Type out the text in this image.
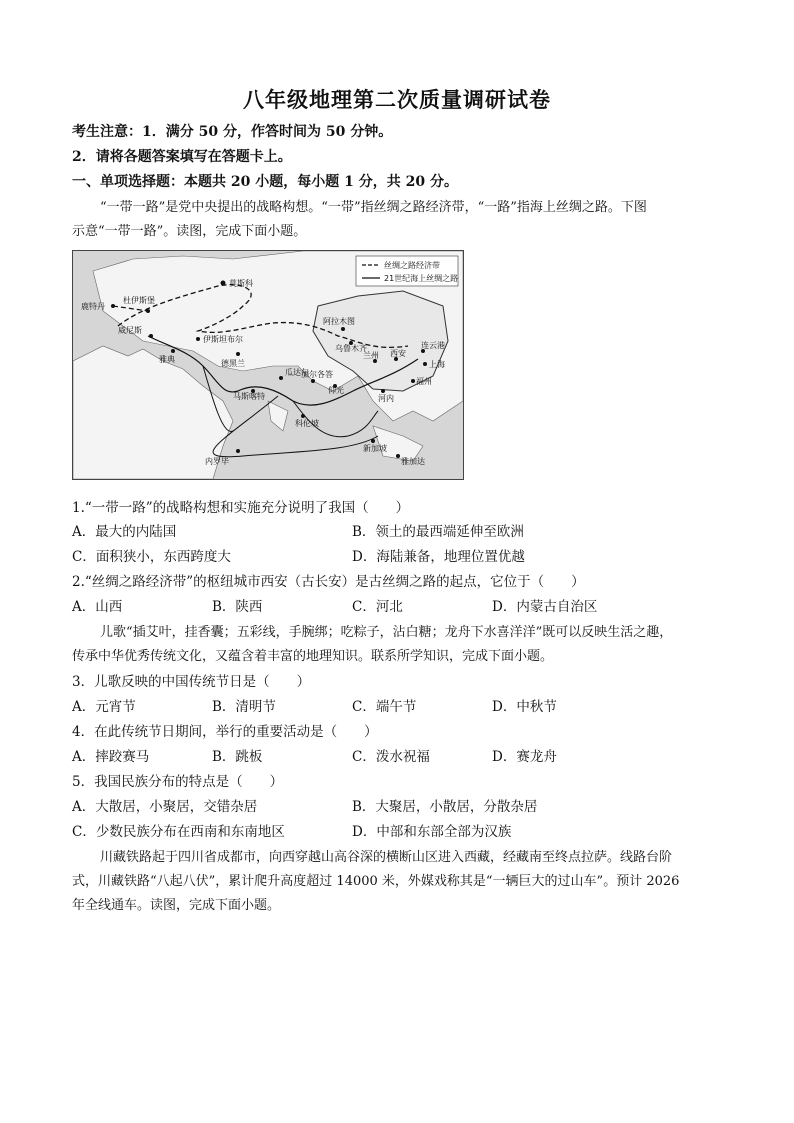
八年级地理第二次质量调研试卷
考生注意：1．满分 50 分，作答时间为 50 分钟。
2．请将各题答案填写在答题卡上。
一、单项选择题：本题共 20 小题，每小题 1 分，共 20 分。
“一带一路”是党中央提出的战略构想。“一带”指丝绸之路经济带，“一路”指海上丝绸之路。下图
示意“一带一路”。读图，完成下面小题。
丝绸之路经济带
21世纪海上丝绸之路
莫斯科
鹿特丹
杜伊斯堡
威尼斯
雅典
伊斯坦布尔
德黑兰
阿拉木图
乌鲁木齐
兰州 西安
连云港
上海
瓜达尔
加尔各答
仰光
河内
福州
马斯喀特
科伦坡
新加坡
雅加达
内罗毕
1.“一带一路”的战略构想和实施充分说明了我国（　　）
A．最大的内陆国	B．领土的最西端延伸至欧洲
C．面积狭小，东西跨度大	D．海陆兼备，地理位置优越
2.“丝绸之路经济带”的枢纽城市西安（古长安）是古丝绸之路的起点，它位于（　　）
A．山西	B．陕西	C．河北	D．内蒙古自治区
儿歌“插艾叶，挂香囊；五彩线，手腕绑；吃粽子，沾白糖；龙舟下水喜洋洋”既可以反映生活之趣，
传承中华优秀传统文化，又蕴含着丰富的地理知识。联系所学知识，完成下面小题。
3．儿歌反映的中国传统节日是（　　）
A．元宵节	B．清明节	C．端午节	D．中秋节
4．在此传统节日期间，举行的重要活动是（　　）
A．摔跤赛马	B．跳板	C．泼水祝福	D．赛龙舟
5．我国民族分布的特点是（　　）
A．大散居，小聚居，交错杂居	B．大聚居，小散居，分散杂居
C．少数民族分布在西南和东南地区	D．中部和东部全部为汉族
川藏铁路起于四川省成都市，向西穿越山高谷深的横断山区进入西藏，经藏南至终点拉萨。线路台阶
式，川藏铁路“八起八伏”，累计爬升高度超过 14000 米，外媒戏称其是“一辆巨大的过山车”。预计 2026
年全线通车。读图，完成下面小题。
